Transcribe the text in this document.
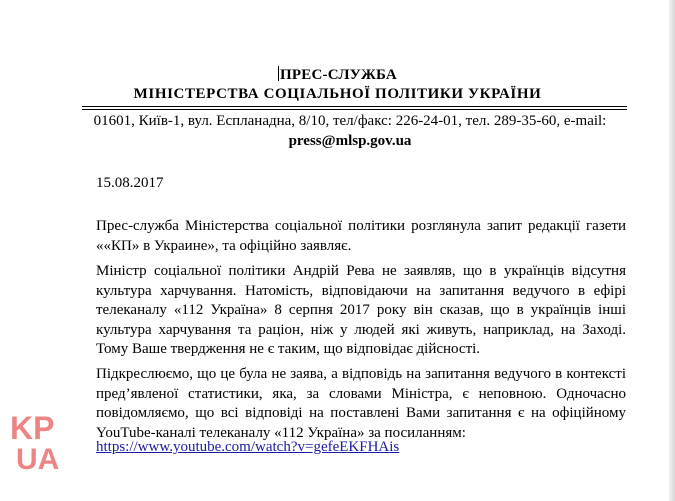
ПРЕС-СЛУЖБА
МІНІСТЕРСТВА СОЦІАЛЬНОЇ ПОЛІТИКИ УКРАЇНИ
01601, Київ-1, вул. Еспланадна, 8/10, тел/факс: 226-24-01, тел. 289-35-60, e-mail:
press@mlsp.gov.ua
15.08.2017

Прес-служба Міністерства соціальної політики розглянула запит редакції газети ««КП» в Украине», та офіційно заявляє.

Міністр соціальної політики Андрій Рева не заявляв, що в українців відсутня культура харчування. Натомість, відповідаючи на запитання ведучого в ефірі телеканалу «112 Україна» 8 серпня 2017 року він сказав, що в українців інші культура харчування та раціон, ніж у людей які живуть, наприклад, на Заході. Тому Ваше твердження не є таким, що відповідає дійсності.

Підкреслюємо, що це була не заява, а відповідь на запитання ведучого в контексті пред’явленої статистики, яка, за словами Міністра, є неповною. Одночасно повідомляємо, що всі відповіді на поставлені Вами запитання є на офіційному YouTube-каналі телеканалу «112 Україна» за посиланням:

https://www.youtube.com/watch?v=gefeEKFHAis
KP
UA
